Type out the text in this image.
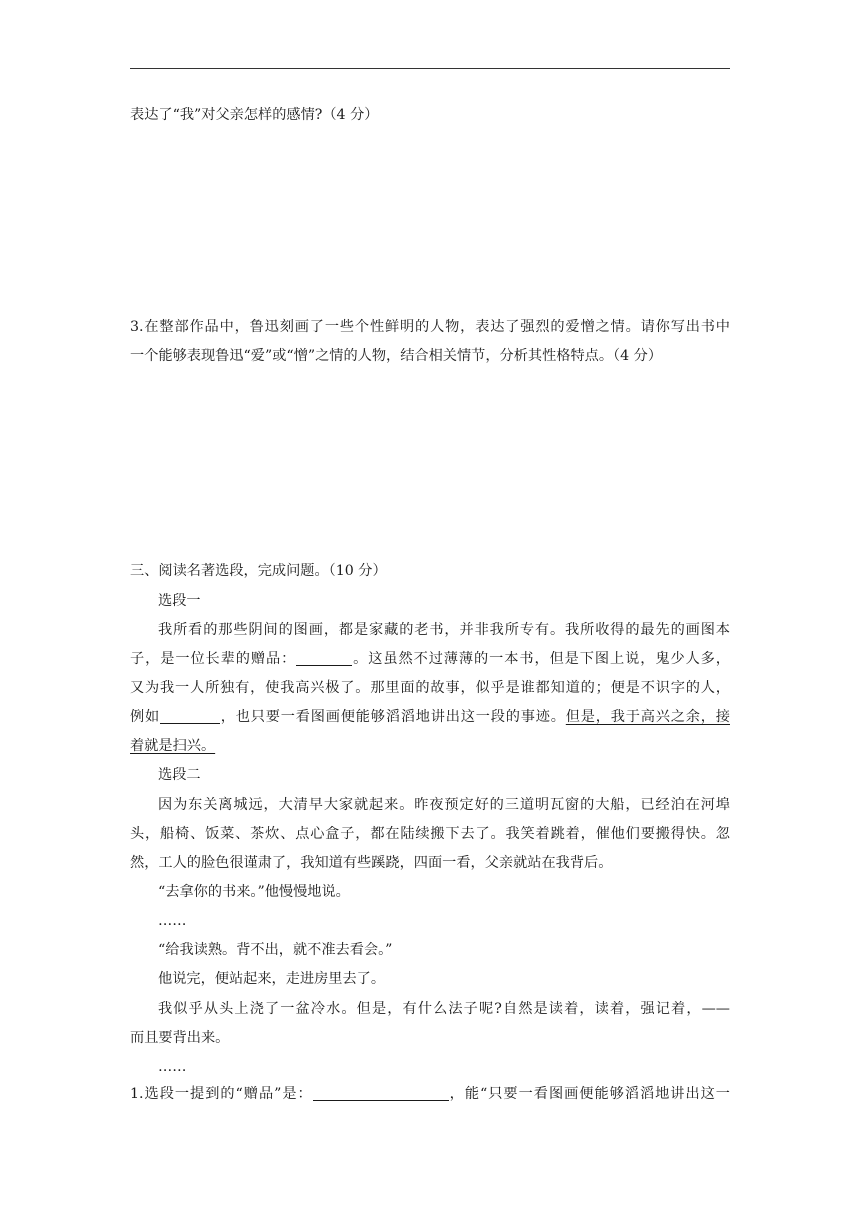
表达了“我”对父亲怎样的感情?（4 分）
3.在整部作品中，鲁迅刻画了一些个性鲜明的人物，表达了强烈的爱憎之情。请你写出书中
一个能够表现鲁迅“爱”或“憎”之情的人物，结合相关情节，分析其性格特点。（4 分）
三、阅读名著选段，完成问题。（10 分）
选段一
我所看的那些阴间的图画，都是家藏的老书，并非我所专有。我所收得的最先的画图本
子，是一位长辈的赠品：	。这虽然不过薄薄的一本书，但是下图上说，鬼少人多，
又为我一人所独有，使我高兴极了。那里面的故事，似乎是谁都知道的；便是不识字的人，
例如	，也只要一看图画便能够滔滔地讲出这一段的事迹。但是，我于高兴之余，接
着就是扫兴。
选段二
因为东关离城远，大清早大家就起来。昨夜预定好的三道明瓦窗的大船，已经泊在河埠
头，船椅、饭菜、茶炊、点心盒子，都在陆续搬下去了。我笑着跳着，催他们要搬得快。忽
然，工人的脸色很谨肃了，我知道有些蹊跷，四面一看，父亲就站在我背后。
“去拿你的书来。”他慢慢地说。
……
“给我读熟。背不出，就不准去看会。”
他说完，便站起来，走进房里去了。
我似乎从头上浇了一盆冷水。但是，有什么法子呢?自然是读着，读着，强记着，——
而且要背出来。
……
1.选段一提到的“赠品”是：	，能“只要一看图画便能够滔滔地讲出这一
